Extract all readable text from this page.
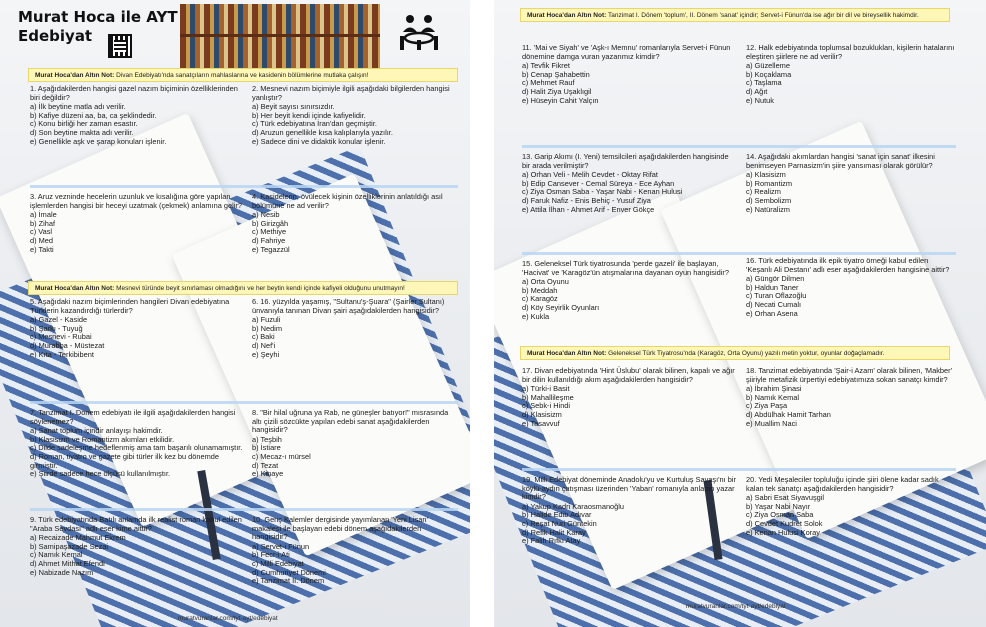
Murat Hoca ile AYT
Edebiyat
Murat Hoca'dan Altın Not: Divan Edebiyatı'nda sanatçıların mahlaslarına ve kasidenin bölümlerine mutlaka çalışın!
1. Aşağıdakilerden hangisi gazel nazım biçiminin özelliklerinden biri değildir?
a) İlk beytine matla adı verilir.
b) Kafiye düzeni aa, ba, ca şeklindedir.
c) Konu birliği her zaman esastır.
d) Son beytine makta adı verilir.
e) Genellikle aşk ve şarap konuları işlenir.
2. Mesnevi nazım biçimiyle ilgili aşağıdaki bilgilerden hangisi yanlıştır?
a) Beyit sayısı sınırsızdır.
b) Her beyit kendi içinde kafiyelidir.
c) Türk edebiyatına İran'dan geçmiştir.
d) Aruzun genellikle kısa kalıplarıyla yazılır.
e) Sadece dini ve didaktik konular işlenir.
3. Aruz vezninde hecelerin uzunluk ve kısalığına göre yapılan işlemlerden hangisi bir heceyi uzatmak (çekmek) anlamına gelir?
a) İmale
b) Zihaf
c) Vasl
d) Med
e) Takti
4. Kasidelerin, övülecek kişinin özelliklerinin anlatıldığı asıl bölümüne ne ad verilir?
a) Nesib
b) Girizgâh
c) Methiye
d) Fahriye
e) Tegazzül
Murat Hoca'dan Altın Not: Mesnevi türünde beyit sınırlaması olmadığını ve her beytin kendi içinde kafiyeli olduğunu unutmayın!
5. Aşağıdaki nazım biçimlerinden hangileri Divan edebiyatına Türklerin kazandırdığı türlerdir?
a) Gazel - Kaside
b) Şarkı - Tuyuğ
c) Mesnevi - Rubai
d) Murabba - Müstezat
e) Kıta - Terkibibent
6. 16. yüzyılda yaşamış, "Sultanu'ş-Şuara" (Şairler Sultanı) ünvanıyla tanınan Divan şairi aşağıdakilerden hangisidir?
a) Fuzuli
b) Nedim
c) Baki
d) Nef'i
e) Şeyhi
7. Tanzimat I. Dönem edebiyatı ile ilgili aşağıdakilerden hangisi söylenemez?
a) Sanat toplum içindir anlayışı hakimdir.
b) Klasisizm ve Romantizm akımları etkilidir.
c) Dilde sadeleşme hedeflenmiş ama tam başarılı olunamamıştır.
d) Roman, tiyatro ve gazete gibi türler ilk kez bu dönemde girmiştir.
e) Şiirde sadece hece ölçüsü kullanılmıştır.
8. "Bir hilal uğruna ya Rab, ne güneşler batıyor!" mısrasında altı çizili sözcükte yapılan edebi sanat aşağıdakilerden hangisidir?
a) Teşbih
b) İstiare
c) Mecaz-ı mürsel
d) Tezat
e) Kinaye
9. Türk edebiyatında Batılı anlamda ilk realist roman kabul edilen "Araba Sevdası" adlı eser kime aittir?
a) Recaizade Mahmut Ekrem
b) Samipaşazade Sezai
c) Namık Kemal
d) Ahmet Mithat Efendi
e) Nabizade Nazım
10. Genç Kalemler dergisinde yayımlanan 'Yeni Lisan' makalesi ile başlayan edebi dönem aşağıdakilerden hangisidir?
a) Servet-i Fünun
b) Fecr-i Ati
c) Milli Edebiyat
d) Cumhuriyet Dönemi
e) Tanzimat II. Dönem
muratvuranlar.com/tyt-ayt/edebiyat
Murat Hoca'dan Altın Not: Tanzimat I. Dönem 'toplum', II. Dönem 'sanat' içindir; Servet-i Fünun'da ise ağır bir dil ve bireysellik hakimdir.
11. 'Mai ve Siyah' ve 'Aşk-ı Memnu' romanlarıyla Servet-i Fünun dönemine damga vuran yazarımız kimdir?
a) Tevfik Fikret
b) Cenap Şahabettin
c) Mehmet Rauf
d) Halit Ziya Uşaklıgil
e) Hüseyin Cahit Yalçın
12. Halk edebiyatında toplumsal bozuklukları, kişilerin hatalarını eleştiren şiirlere ne ad verilir?
a) Güzelleme
b) Koçaklama
c) Taşlama
d) Ağıt
e) Nutuk
13. Garip Akımı (I. Yeni) temsilcileri aşağıdakilerden hangisinde bir arada verilmiştir?
a) Orhan Veli - Melih Cevdet - Oktay Rifat
b) Edip Cansever - Cemal Süreya - Ece Ayhan
c) Ziya Osman Saba - Yaşar Nabi - Kenan Hulusi
d) Faruk Nafiz - Enis Behiç - Yusuf Ziya
e) Attila İlhan - Ahmet Arif - Enver Gökçe
14. Aşağıdaki akımlardan hangisi 'sanat için sanat' ilkesini benimseyen Parnasizm'in şiire yansıması olarak görülür?
a) Klasisizm
b) Romantizm
c) Realizm
d) Sembolizm
e) Natüralizm
15. Geleneksel Türk tiyatrosunda 'perde gazeli' ile başlayan, 'Hacivat' ve 'Karagöz'ün atışmalarına dayanan oyun hangisidir?
a) Orta Oyunu
b) Meddah
c) Karagöz
d) Köy Seyirlik Oyunları
e) Kukla
16. Türk edebiyatında ilk epik tiyatro örneği kabul edilen 'Keşanlı Ali Destanı' adlı eser aşağıdakilerden hangisine aittir?
a) Güngör Dilmen
b) Haldun Taner
c) Turan Oflazoğlu
d) Necati Cumalı
e) Orhan Asena
Murat Hoca'dan Altın Not: Geleneksel Türk Tiyatrosu'nda (Karagöz, Orta Oyunu) yazılı metin yoktur, oyunlar doğaçlamadır.
17. Divan edebiyatında 'Hint Üslubu' olarak bilinen, kapalı ve ağır bir dilin kullanıldığı akım aşağıdakilerden hangisidir?
a) Türki-i Basit
b) Mahallileşme
c) Sebk-i Hindi
d) Klasisizm
e) Tasavvuf
18. Tanzimat edebiyatında 'Şair-i Azam' olarak bilinen, 'Makber' şiiriyle metafizik ürpertiyi edebiyatımıza sokan sanatçı kimdir?
a) İbrahim Şinasi
b) Namık Kemal
c) Ziya Paşa
d) Abdülhak Hamit Tarhan
e) Muallim Naci
19. Milli Edebiyat döneminde Anadolu'yu ve Kurtuluş Savaşı'nı bir köylü-aydın çatışması üzerinden 'Yaban' romanıyla anlatan yazar kimdir?
a) Yakup Kadri Karaosmanoğlu
b) Halide Edib Adıvar
c) Reşat Nuri Güntekin
d) Refik Halit Karay
e) Falih Rıfkı Atay
20. Yedi Meşaleciler topluluğu içinde şiiri ölene kadar sadık kalan tek sanatçı aşağıdakilerden hangisidir?
a) Sabri Esat Siyavuşgil
b) Yaşar Nabi Nayır
c) Ziya Osman Saba
d) Cevdet Kudret Solok
e) Kenan Hulusi Koray
muratvuranlar.com/tyt-ayt/edebiyat
